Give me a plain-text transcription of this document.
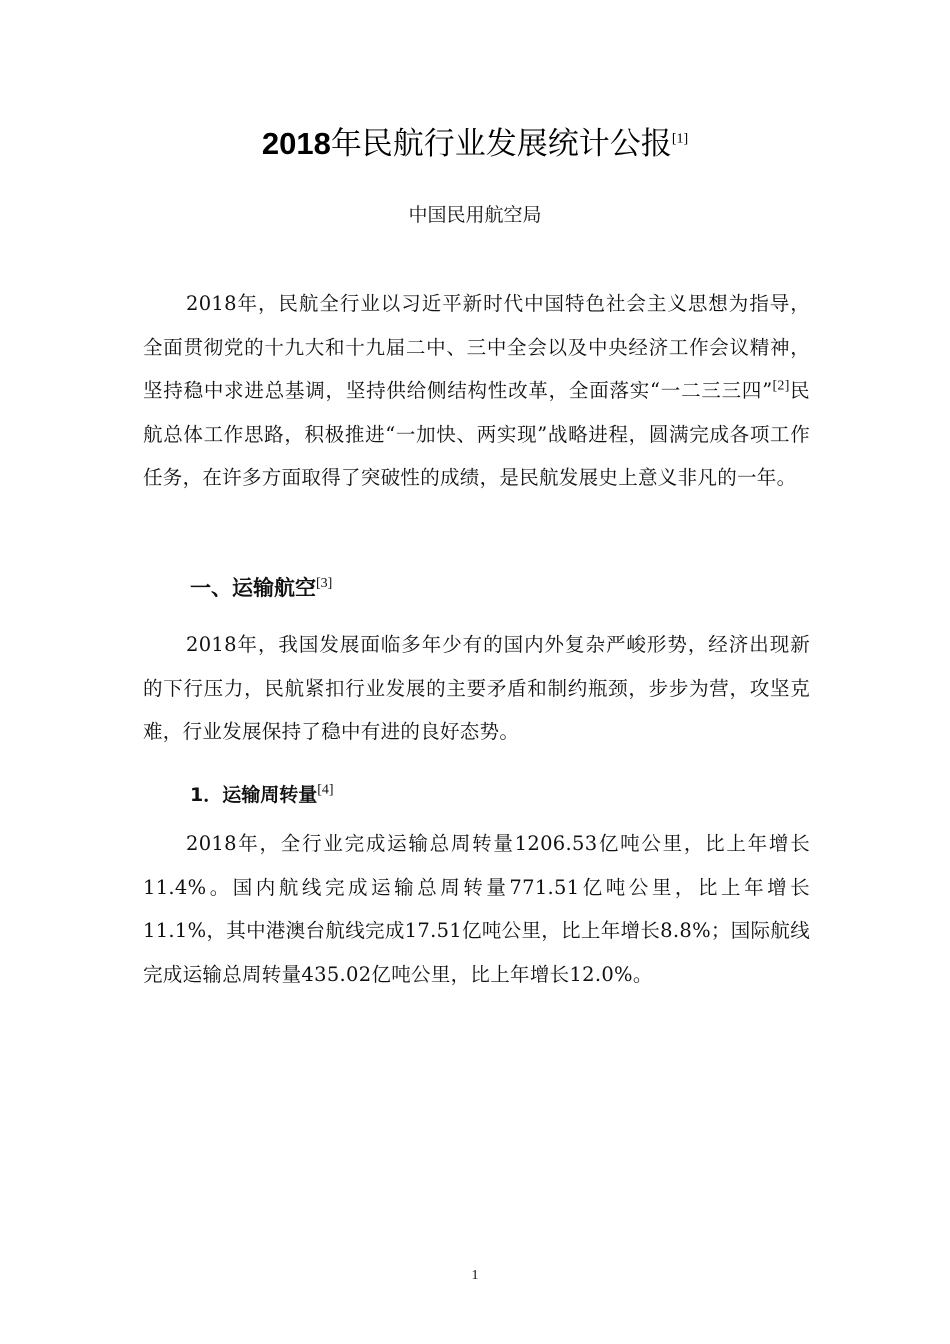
2018年民航行业发展统计公报[1]
中国民用航空局

2018年，民航全行业以习近平新时代中国特色社会主义思想为指导，全面贯彻党的十九大和十九届二中、三中全会以及中央经济工作会议精神，坚持稳中求进总基调，坚持供给侧结构性改革，全面落实“一二三三四”[2]民航总体工作思路，积极推进“一加快、两实现”战略进程，圆满完成各项工作任务，在许多方面取得了突破性的成绩，是民航发展史上意义非凡的一年。

一、运输航空[3]

2018年，我国发展面临多年少有的国内外复杂严峻形势，经济出现新的下行压力，民航紧扣行业发展的主要矛盾和制约瓶颈，步步为营，攻坚克难，行业发展保持了稳中有进的良好态势。

1．运输周转量[4]

2018年，全行业完成运输总周转量1206.53亿吨公里，比上年增长11.4%。国内航线完成运输总周转量771.51亿吨公里，比上年增长11.1%，其中港澳台航线完成17.51亿吨公里，比上年增长8.8%；国际航线完成运输总周转量435.02亿吨公里，比上年增长12.0%。

1
